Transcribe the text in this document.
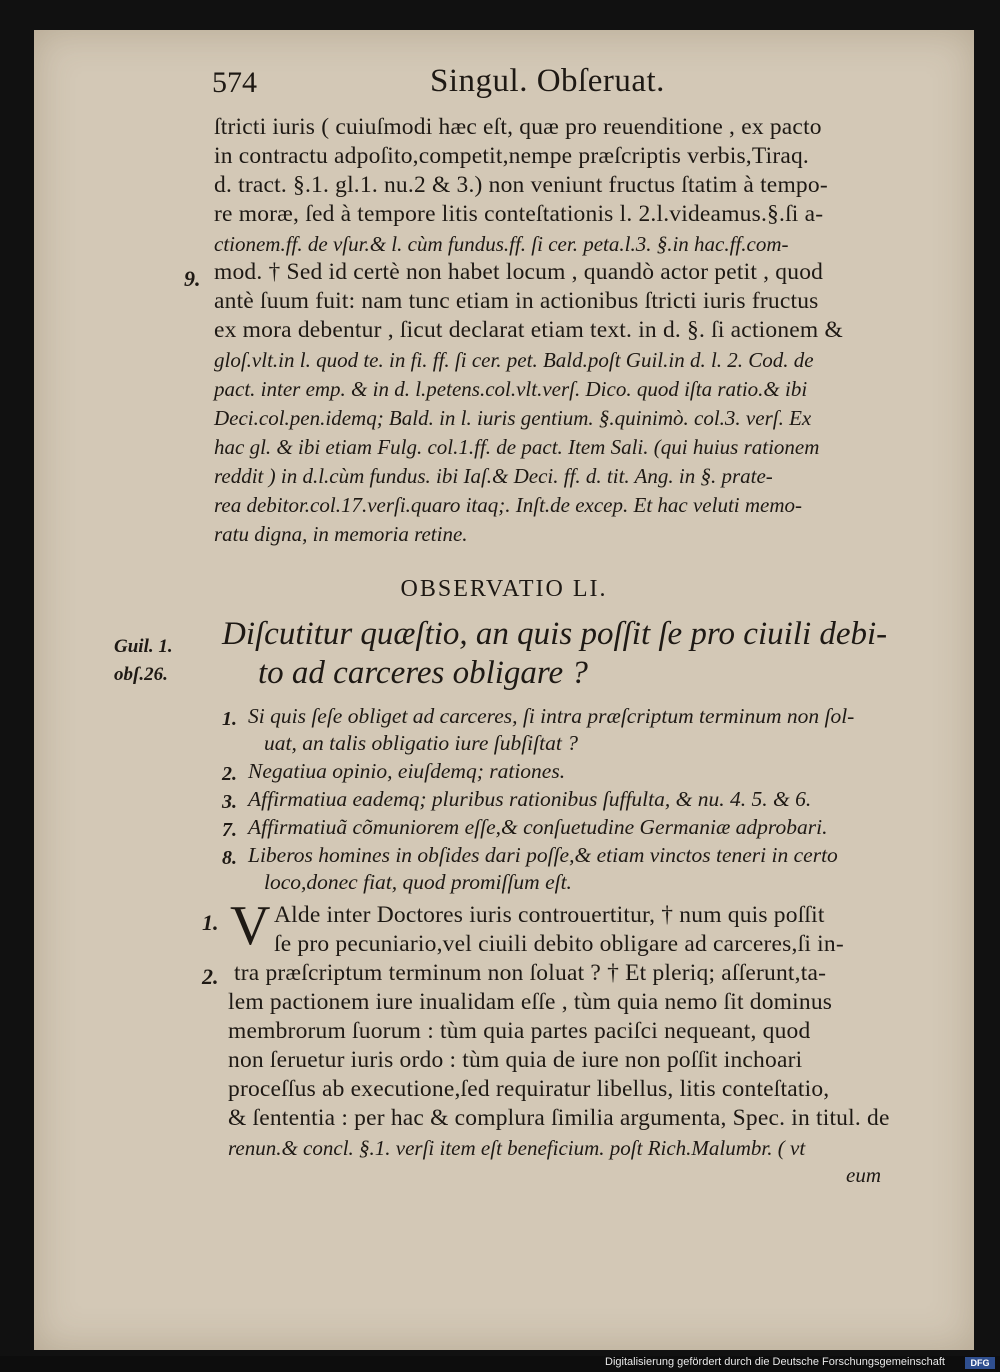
574	Singul. Obſeruat.
ſtricti iuris ( cuiuſmodi hæc eſt, quæ pro reuenditione , ex pacto
in contractu adpoſito,competit,nempe præſcriptis verbis,Tiraq.
d. tract. §.1. gl.1. nu.2 & 3.) non veniunt fructus ſtatim à tempo-
re moræ, ſed à tempore litis conteſtationis l. 2.l.videamus.§.ſi a-
ctionem.ff. de vſur.& l. cùm fundus.ff. ſi cer. peta.l.3. §.in hac.ff.com-
9. mod. † Sed id certè non habet locum , quandò actor petit , quod
antè ſuum fuit: nam tunc etiam in actionibus ſtricti iuris fructus
ex mora debentur , ſicut declarat etiam text. in d. §. ſi actionem &
gloſ.vlt.in l. quod te. in fi. ff. ſi cer. pet. Bald.poſt Guil.in d. l. 2. Cod. de
pact. inter emp. & in d. l.petens.col.vlt.verſ. Dico. quod iſta ratio.& ibi
Deci.col.pen.idemq; Bald. in l. iuris gentium. §.quinimò. col.3. verſ. Ex
hac gl. & ibi etiam Fulg. col.1.ff. de pact. Item Sali. (qui huius rationem
reddit ) in d.l.cùm fundus. ibi Iaſ.& Deci. ff. d. tit. Ang. in §. prate-
rea debitor.col.17.verſi.quaro itaq;. Inſt.de excep. Et hac veluti memo-
ratu digna, in memoria retine.
OBSERVATIO LI.
Guil. 1.
obſ.26.
Diſcutitur quæſtio, an quis poſſit ſe pro ciuili debi-
to ad carceres obligare ?
1. Si quis ſeſe obliget ad carceres, ſi intra præſcriptum terminum non ſol-
uat, an talis obligatio iure ſubſiſtat ?
2. Negatiua opinio, eiuſdemq; rationes.
3. Affirmatiua eademq; pluribus rationibus ſuffulta, & nu. 4. 5. & 6.
7. Affirmatiuã cõmuniorem eſſe,& conſuetudine Germaniæ adprobari.
8. Liberos homines in obſides dari poſſe,& etiam vinctos teneri in certo
loco,donec fiat, quod promiſſum eſt.
1. V Alde inter Doctores iuris controuertitur, † num quis poſſit
ſe pro pecuniario,vel ciuili debito obligare ad carceres,ſi in-
2. tra præſcriptum terminum non ſoluat ? † Et pleriq; aſſerunt,ta-
lem pactionem iure inualidam eſſe , tùm quia nemo ſit dominus
membrorum ſuorum : tùm quia partes paciſci nequeant, quod
non ſeruetur iuris ordo : tùm quia de iure non poſſit inchoari
proceſſus ab executione,ſed requiratur libellus, litis conteſtatio,
& ſententia : per hac & complura ſimilia argumenta, Spec. in titul. de
renun.& concl. §.1. verſi item eſt beneficium. poſt Rich.Malumbr. ( vt
eum
Digitalisierung gefördert durch die Deutsche Forschungsgemeinschaft	DFG
